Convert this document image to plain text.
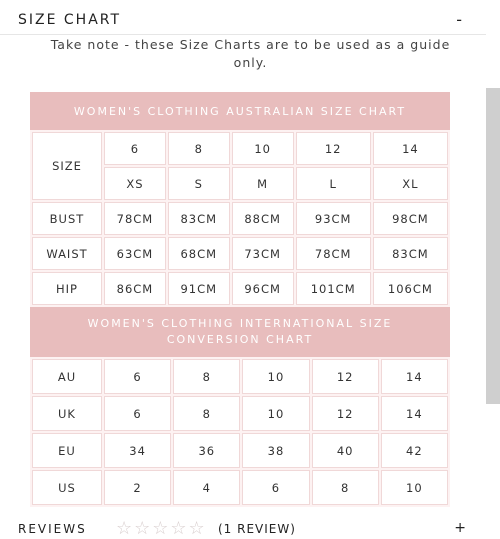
SIZE CHART	-
Take note - these Size Charts are to be used as a guide only.
WOMEN'S CLOTHING AUSTRALIAN SIZE CHART
SIZE	6	8	10	12	14
	XS	S	M	L	XL
BUST	78CM	83CM	88CM	93CM	98CM
WAIST	63CM	68CM	73CM	78CM	83CM
HIP	86CM	91CM	96CM	101CM	106CM
WOMEN'S CLOTHING INTERNATIONAL SIZE CONVERSION CHART
AU	6	8	10	12	14
UK	6	8	10	12	14
EU	34	36	38	40	42
US	2	4	6	8	10
REVIEWS ☆☆☆☆☆ (1 REVIEW)	+
